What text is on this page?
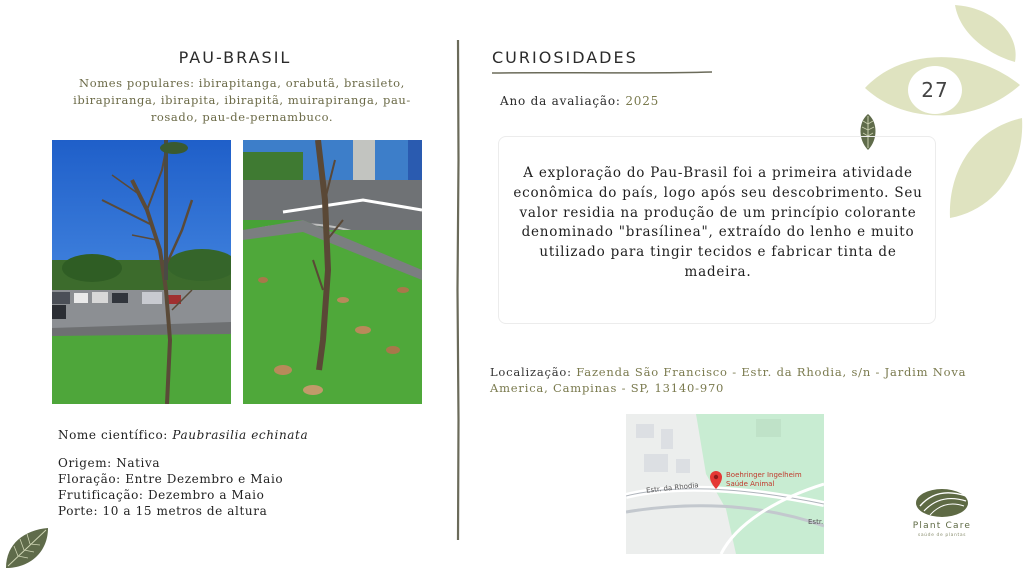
27
PAU-BRASIL
Nomes populares: ibirapitanga, orabutã, brasileto, ibirapiranga, ibirapita, ibirapitã, muirapiranga, pau-rosado, pau-de-pernambuco.
Nome científico: Paubrasilia echinata
Origem: Nativa
Floração: Entre Dezembro e Maio
Frutificação: Dezembro a Maio
Porte: 10 a 15 metros de altura
CURIOSIDADES
Ano da avaliação: 2025
A exploração do Pau-Brasil foi a primeira atividade econômica do país, logo após seu descobrimento. Seu valor residia na produção de um princípio colorante denominado "brasílinea", extraído do lenho e muito utilizado para tingir tecidos e fabricar tinta de madeira.
Localização: Fazenda São Francisco - Estr. da Rhodia, s/n - Jardim Nova America, Campinas - SP, 13140-970
Estr. da Rhodia
Estr.
Boehringer Ingelheim
Saúde Animal
Plant Care
saúde de plantas
